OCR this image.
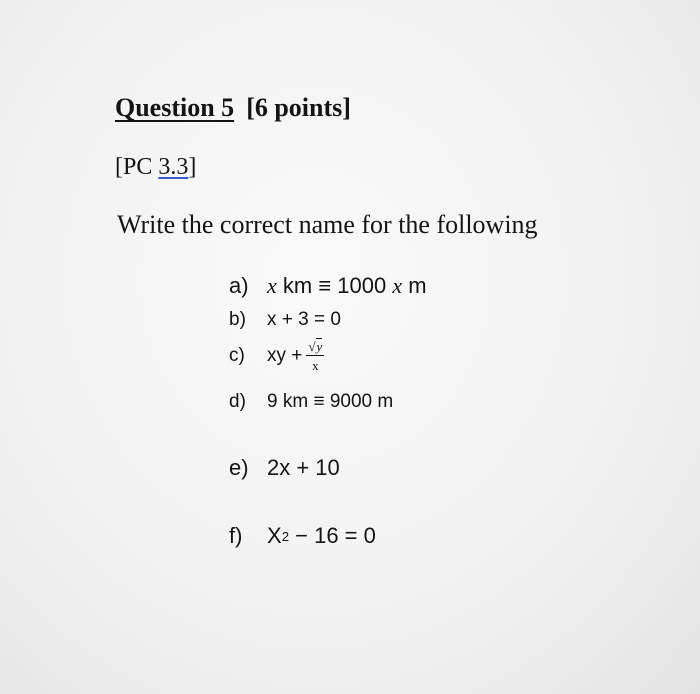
Question 5 [6 points]
[PC 3.3]
Write the correct name for the following
a) x km ≡ 1000 x m
b)	x + 3 = 0
c)	xy + $\frac{√y}{x}$
d)	9 km ≡ 9000 m
e) 2x + 10
f)	X 2 − 16 = 0
